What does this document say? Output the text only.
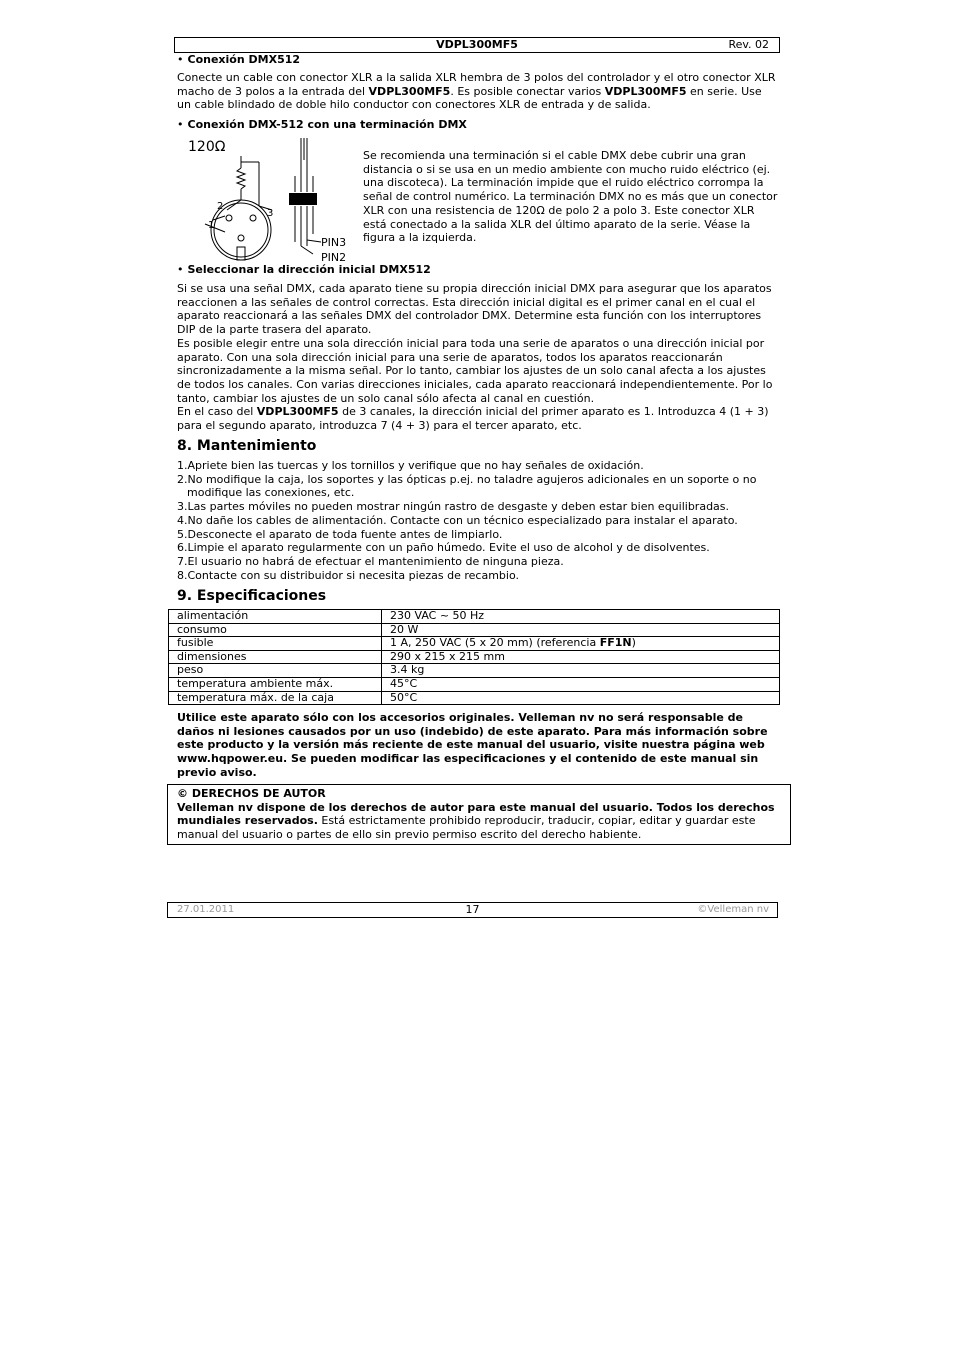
VDPL300MF5	Rev. 02
• Conexión DMX512

Conecte un cable con conector XLR a la salida XLR hembra de 3 polos del controlador y el otro conector XLR macho de 3 polos a la entrada del VDPL300MF5. Es posible conectar varios VDPL300MF5 en serie. Use un cable blindado de doble hilo conductor con conectores XLR de entrada y de salida.

• Conexión DMX-512 con una terminación DMX
120Ω
2
1
3
PIN3
PIN2
Se recomienda una terminación si el cable DMX debe cubrir una gran distancia o si se usa en un medio ambiente con mucho ruido eléctrico (ej. una discoteca). La terminación impide que el ruido eléctrico corrompa la señal de control numérico. La terminación DMX no es más que un conector XLR con una resistencia de 120Ω de polo 2 a polo 3. Este conector XLR está conectado a la salida XLR del último aparato de la serie. Véase la figura a la izquierda.
• Seleccionar la dirección inicial DMX512

Si se usa una señal DMX, cada aparato tiene su propia dirección inicial DMX para asegurar que los aparatos reaccionen a las señales de control correctas. Esta dirección inicial digital es el primer canal en el cual el aparato reaccionará a las señales DMX del controlador DMX. Determine esta función con los interruptores DIP de la parte trasera del aparato.

Es posible elegir entre una sola dirección inicial para toda una serie de aparatos o una dirección inicial por aparato. Con una sola dirección inicial para una serie de aparatos, todos los aparatos reaccionarán sincronizadamente a la misma señal. Por lo tanto, cambiar los ajustes de un solo canal afecta a los ajustes de todos los canales. Con varias direcciones iniciales, cada aparato reaccionará independientemente. Por lo tanto, cambiar los ajustes de un solo canal sólo afecta al canal en cuestión.

En el caso del VDPL300MF5 de 3 canales, la dirección inicial del primer aparato es 1. Introduzca 4 (1 + 3) para el segundo aparato, introduzca 7 (4 + 3) para el tercer aparato, etc.

8. Mantenimiento
1.Apriete bien las tuercas y los tornillos y verifique que no hay señales de oxidación.
2.No modifique la caja, los soportes y las ópticas p.ej. no taladre agujeros adicionales en un soporte o no modifique las conexiones, etc.
3.Las partes móviles no pueden mostrar ningún rastro de desgaste y deben estar bien equilibradas.
4.No dañe los cables de alimentación. Contacte con un técnico especializado para instalar el aparato.
5.Desconecte el aparato de toda fuente antes de limpiarlo.
6.Limpie el aparato regularmente con un paño húmedo. Evite el uso de alcohol y de disolventes.
7.El usuario no habrá de efectuar el mantenimiento de ninguna pieza.
8.Contacte con su distribuidor si necesita piezas de recambio.
9. Especificaciones
alimentación	230 VAC ~ 50 Hz
consumo	20 W
fusible	1 A, 250 VAC (5 x 20 mm) (referencia FF1N)
dimensiones	290 x 215 x 215 mm
peso	3.4 kg
temperatura ambiente máx.	45°C
temperatura máx. de la caja	50°C
Utilice este aparato sólo con los accesorios originales. Velleman nv no será responsable de daños ni lesiones causados por un uso (indebido) de este aparato. Para más información sobre este producto y la versión más reciente de este manual del usuario, visite nuestra página web www.hqpower.eu. Se pueden modificar las especificaciones y el contenido de este manual sin previo aviso.
© DERECHOS DE AUTOR
Velleman nv dispone de los derechos de autor para este manual del usuario. Todos los derechos mundiales reservados. Está estrictamente prohibido reproducir, traducir, copiar, editar y guardar este manual del usuario o partes de ello sin previo permiso escrito del derecho habiente.
27.01.2011	17	©Velleman nv
